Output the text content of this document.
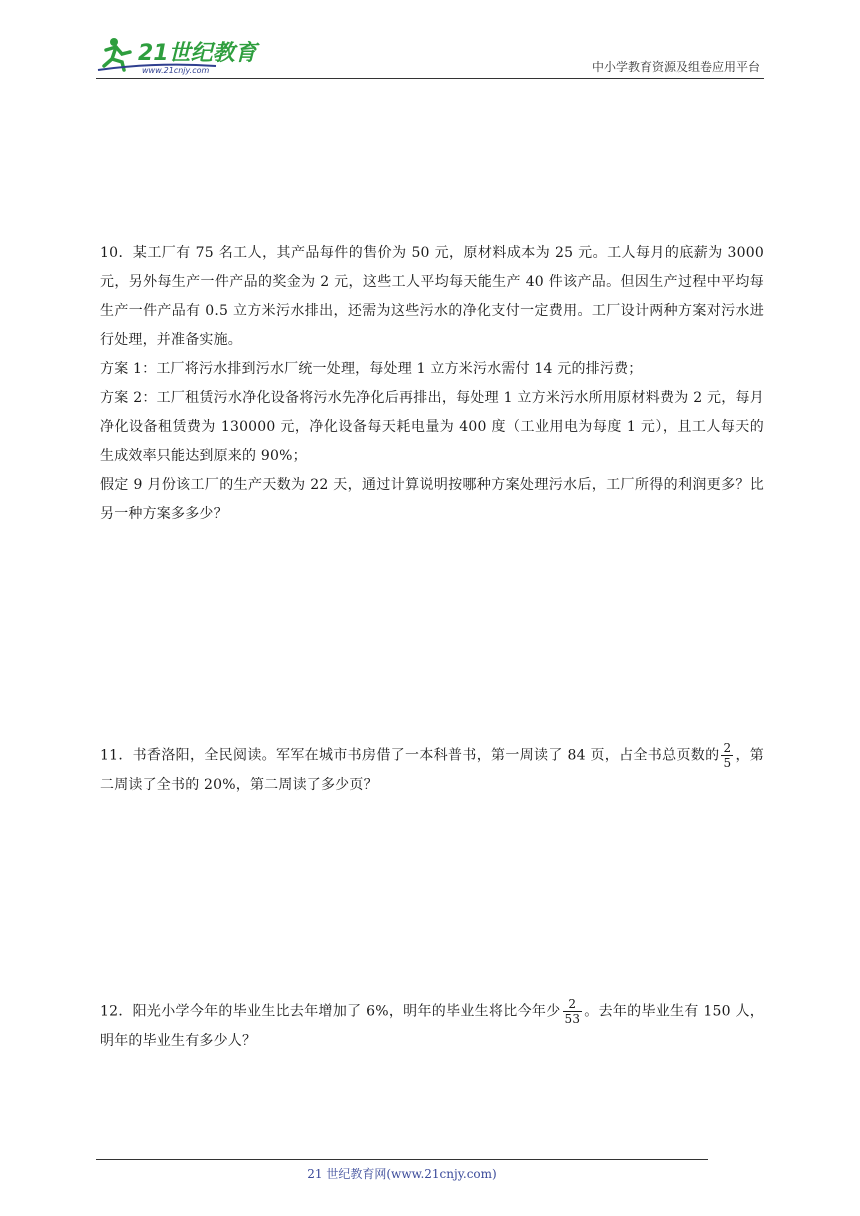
21世纪教育
www.21cnjy.com	中小学教育资源及组卷应用平台

10．某工厂有 75 名工人，其产品每件的售价为 50 元，原材料成本为 25 元。工人每月的底薪为 3000 元，另外每生产一件产品的奖金为 2 元，这些工人平均每天能生产 40 件该产品。但因生产过程中平均每生产一件产品有 0.5 立方米污水排出，还需为这些污水的净化支付一定费用。工厂设计两种方案对污水进行处理，并准备实施。

方案 1：工厂将污水排到污水厂统一处理，每处理 1 立方米污水需付 14 元的排污费；

方案 2：工厂租赁污水净化设备将污水先净化后再排出，每处理 1 立方米污水所用原材料费为 2 元，每月净化设备租赁费为 130000 元，净化设备每天耗电量为 400 度（工业用电为每度 1 元），且工人每天的生成效率只能达到原来的 90%；

假定 9 月份该工厂的生产天数为 22 天，通过计算说明按哪种方案处理污水后，工厂所得的利润更多？比另一种方案多多少？

11．书香洛阳，全民阅读。军军在城市书房借了一本科普书，第一周读了 84 页，占全书总页数的 $\frac{2}{5}$ ，第二周读了全书的 20%，第二周读了多少页？

12．阳光小学今年的毕业生比去年增加了 6%，明年的毕业生将比今年少 $\frac{2}{53}$ 。去年的毕业生有 150 人，明年的毕业生有多少人？

21 世纪教育网(www.21cnjy.com)
